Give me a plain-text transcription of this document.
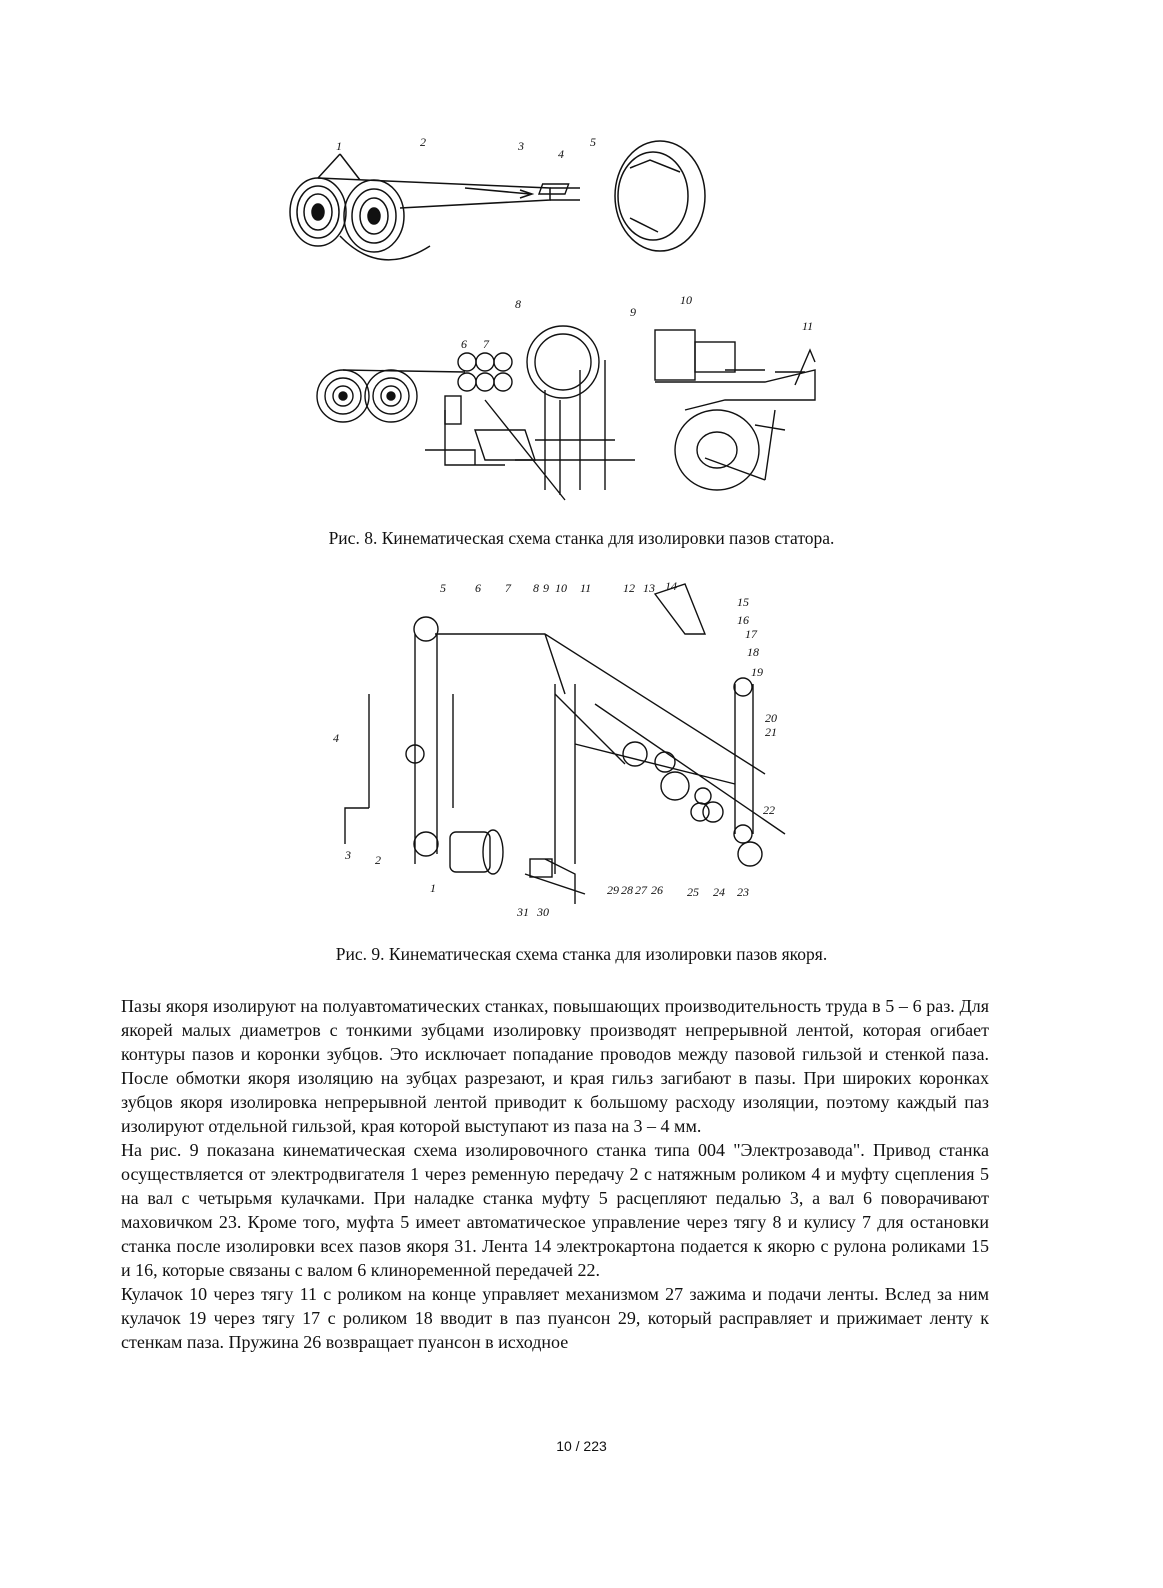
1	2	3
4
5
6 7
8
9
10
11
Рис. 8. Кинематическая схема станка для изолировки пазов статора.
3
4
2
1
5 6 7 8 9 10 11	12 13 14
15
16
17
18
19
20
21
22
23
24
25
26
27
28
29
30
31
Рис. 9. Кинематическая схема станка для изолировки пазов якоря.

Пазы якоря изолируют на полуавтоматических станках, повышающих производительность труда в 5 – 6 раз. Для якорей малых диаметров с тонкими зубцами изолировку производят непрерывной лентой, которая огибает контуры пазов и коронки зубцов. Это исключает попадание проводов между пазовой гильзой и стенкой паза. После обмотки якоря изоляцию на зубцах разрезают, и края гильз загибают в пазы. При широких коронках зубцов якоря изолировка непрерывной лентой приводит к большому расходу изоляции, поэтому каждый паз изолируют отдельной гильзой, края которой выступают из паза на 3 – 4 мм.

На рис. 9 показана кинематическая схема изолировочного станка типа 004 "Электрозавода". Привод станка осуществляется от электродвигателя 1 через ременную передачу 2 с натяжным роликом 4 и муфту сцепления 5 на вал с четырьмя кулачками. При наладке станка муфту 5 расцепляют педалью 3, а вал 6 поворачивают маховичком 23. Кроме того, муфта 5 имеет автоматическое управление через тягу 8 и кулису 7 для остановки станка после изолировки всех пазов якоря 31. Лента 14 электрокартона подается к якорю с рулона роликами 15 и 16, которые связаны с валом 6 клиноременной передачей 22.

Кулачок 10 через тягу 11 с роликом на конце управляет механизмом 27 зажима и подачи ленты. Вслед за ним кулачок 19 через тягу 17 с роликом 18 вводит в паз пуансон 29, который расправляет и прижимает ленту к стенкам паза. Пружина 26 возвращает пуансон в исходное

10 / 223
